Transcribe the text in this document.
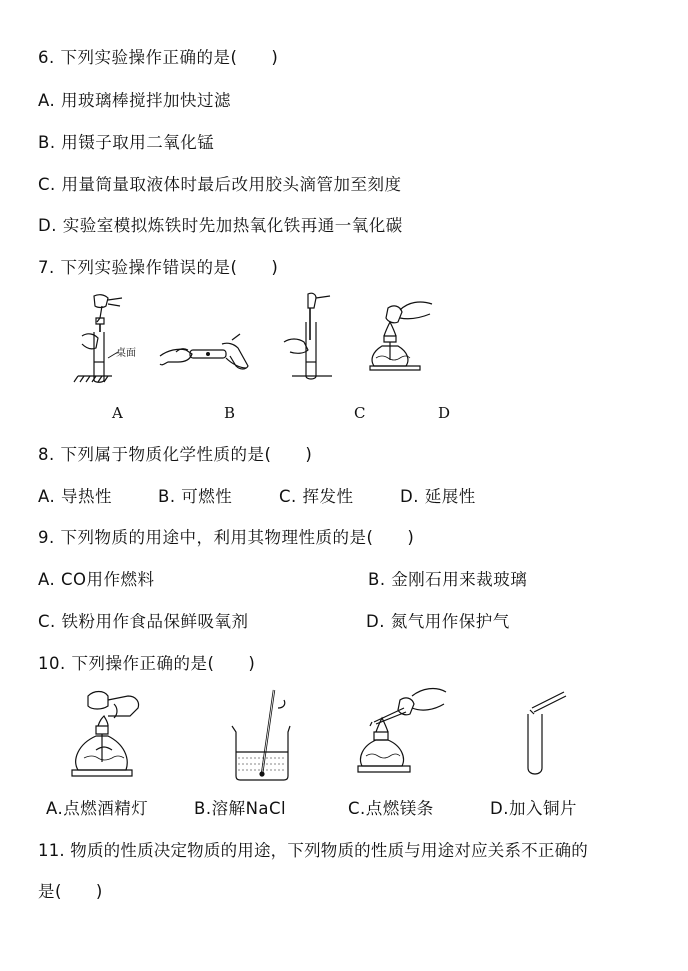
6. 下列实验操作正确的是(　　)
A. 用玻璃棒搅拌加快过滤
B. 用镊子取用二氧化锰
C. 用量筒量取液体时最后改用胶头滴管加至刻度
D. 实验室模拟炼铁时先加热氧化铁再通一氧化碳
7. 下列实验操作错误的是(　　)
桌面
A	B	C	D
8. 下列属于物质化学性质的是(　　)
A. 导热性	B. 可燃性	C. 挥发性	D. 延展性
9. 下列物质的用途中，利用其物理性质的是(　　)
A. CO用作燃料	B. 金刚石用来裁玻璃
C. 铁粉用作食品保鲜吸氧剂	D. 氮气用作保护气
10. 下列操作正确的是(　　)
A.点燃酒精灯	B.溶解NaCl	C.点燃镁条	D.加入铜片
11. 物质的性质决定物质的用途，下列物质的性质与用途对应关系不正确的
是(　　)
